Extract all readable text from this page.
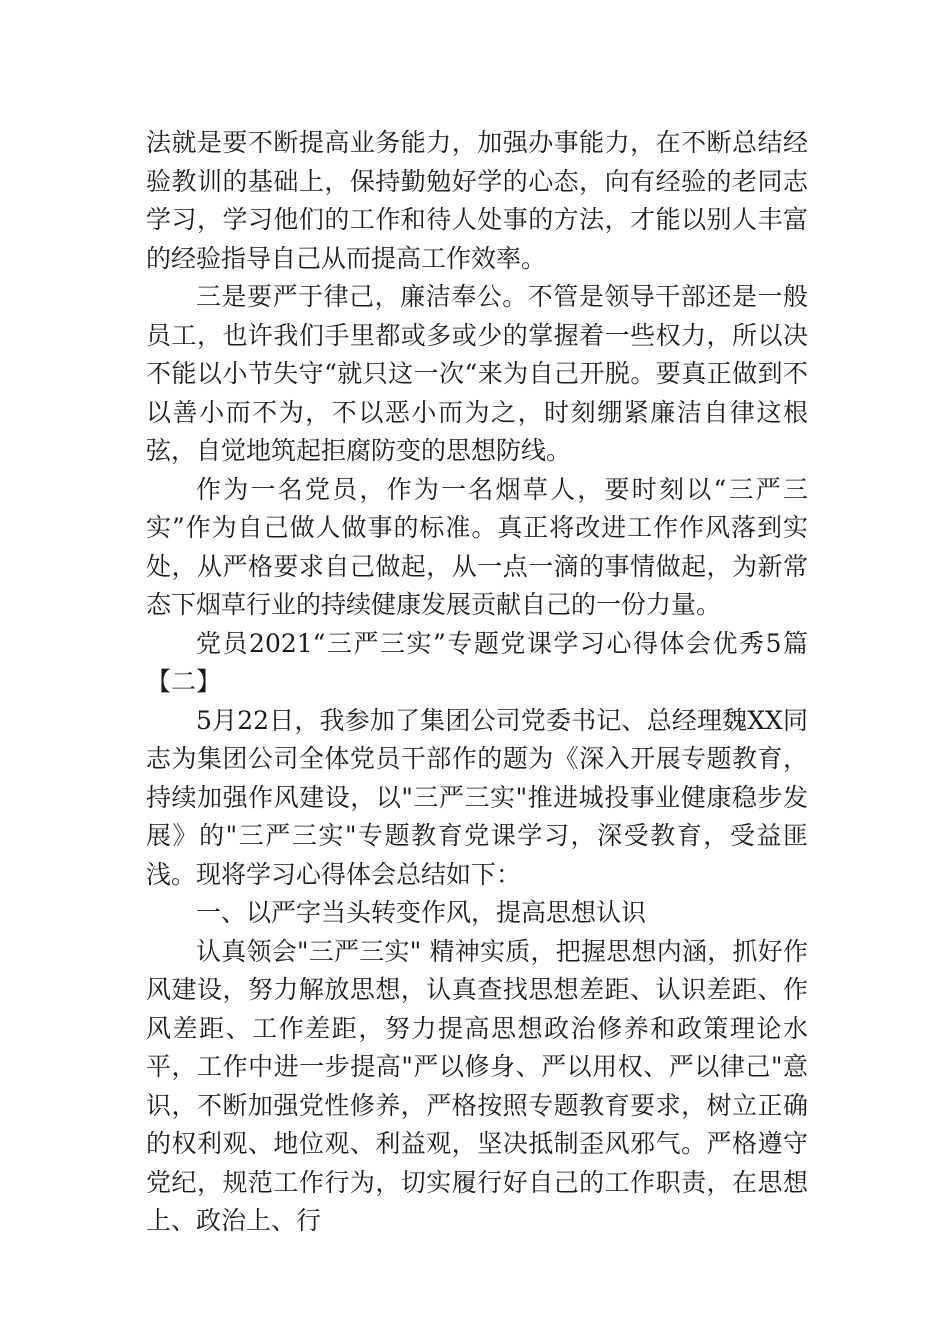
法就是要不断提高业务能力，加强办事能力，在不断总结经验教训的基础上，保持勤勉好学的心态，向有经验的老同志学习，学习他们的工作和待人处事的方法，才能以别人丰富的经验指导自己从而提高工作效率。

三是要严于律己，廉洁奉公。不管是领导干部还是一般员工，也许我们手里都或多或少的掌握着一些权力，所以决不能以小节失守“就只这一次“来为自己开脱。要真正做到不以善小而不为，不以恶小而为之，时刻绷紧廉洁自律这根弦，自觉地筑起拒腐防变的思想防线。

作为一名党员，作为一名烟草人，要时刻以“三严三实”作为自己做人做事的标准。真正将改进工作作风落到实处，从严格要求自己做起，从一点一滴的事情做起，为新常态下烟草行业的持续健康发展贡献自己的一份力量。

党员2021“三严三实”专题党课学习心得体会优秀5篇【二】

5月22日，我参加了集团公司党委书记、总经理魏XX同志为集团公司全体党员干部作的题为《深入开展专题教育，持续加强作风建设，以"三严三实"推进城投事业健康稳步发展》的"三严三实"专题教育党课学习，深受教育，受益匪浅。现将学习心得体会总结如下：

一、以严字当头转变作风，提高思想认识

认真领会"三严三实" 精神实质，把握思想内涵，抓好作风建设，努力解放思想，认真查找思想差距、认识差距、作风差距、工作差距，努力提高思想政治修养和政策理论水平，工作中进一步提高"严以修身、严以用权、严以律己"意识，不断加强党性修养，严格按照专题教育要求，树立正确的权利观、地位观、利益观，坚决抵制歪风邪气。严格遵守党纪，规范工作行为，切实履行好自己的工作职责，在思想上、政治上、行
